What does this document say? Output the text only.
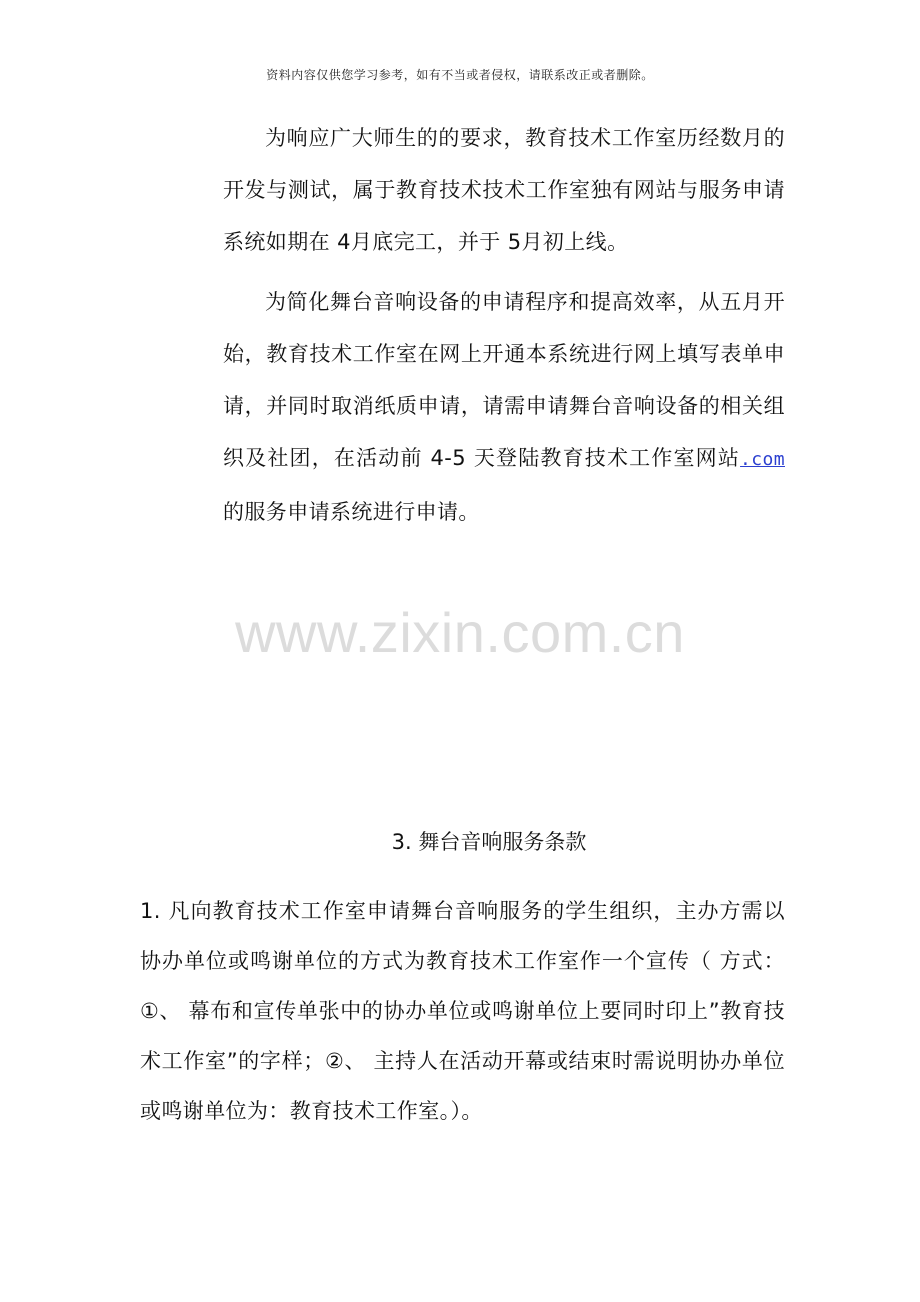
资料内容仅供您学习参考，如有不当或者侵权，请联系改正或者删除。

为响应广大师生的的要求，教育技术工作室历经数月的开发与测试，属于教育技术技术工作室独有网站与服务申请系统如期在 4月底完工，并于 5月初上线。

为简化舞台音响设备的申请程序和提高效率，从五月开始，教育技术工作室在网上开通本系统进行网上填写表单申请，并同时取消纸质申请，请需申请舞台音响设备的相关组织及社团，在活动前 4-5 天登陆教育技术工作室网站.com的服务申请系统进行申请。

www.zixin.com.cn
3. 舞台音响服务条款

1. 凡向教育技术工作室申请舞台音响服务的学生组织，主办方需以协办单位或鸣谢单位的方式为教育技术工作室作一个宣传（ 方式：①、 幕布和宣传单张中的协办单位或鸣谢单位上要同时印上”教育技术工作室”的字样；②、 主持人在活动开幕或结束时需说明协办单位或鸣谢单位为：教育技术工作室。）。
